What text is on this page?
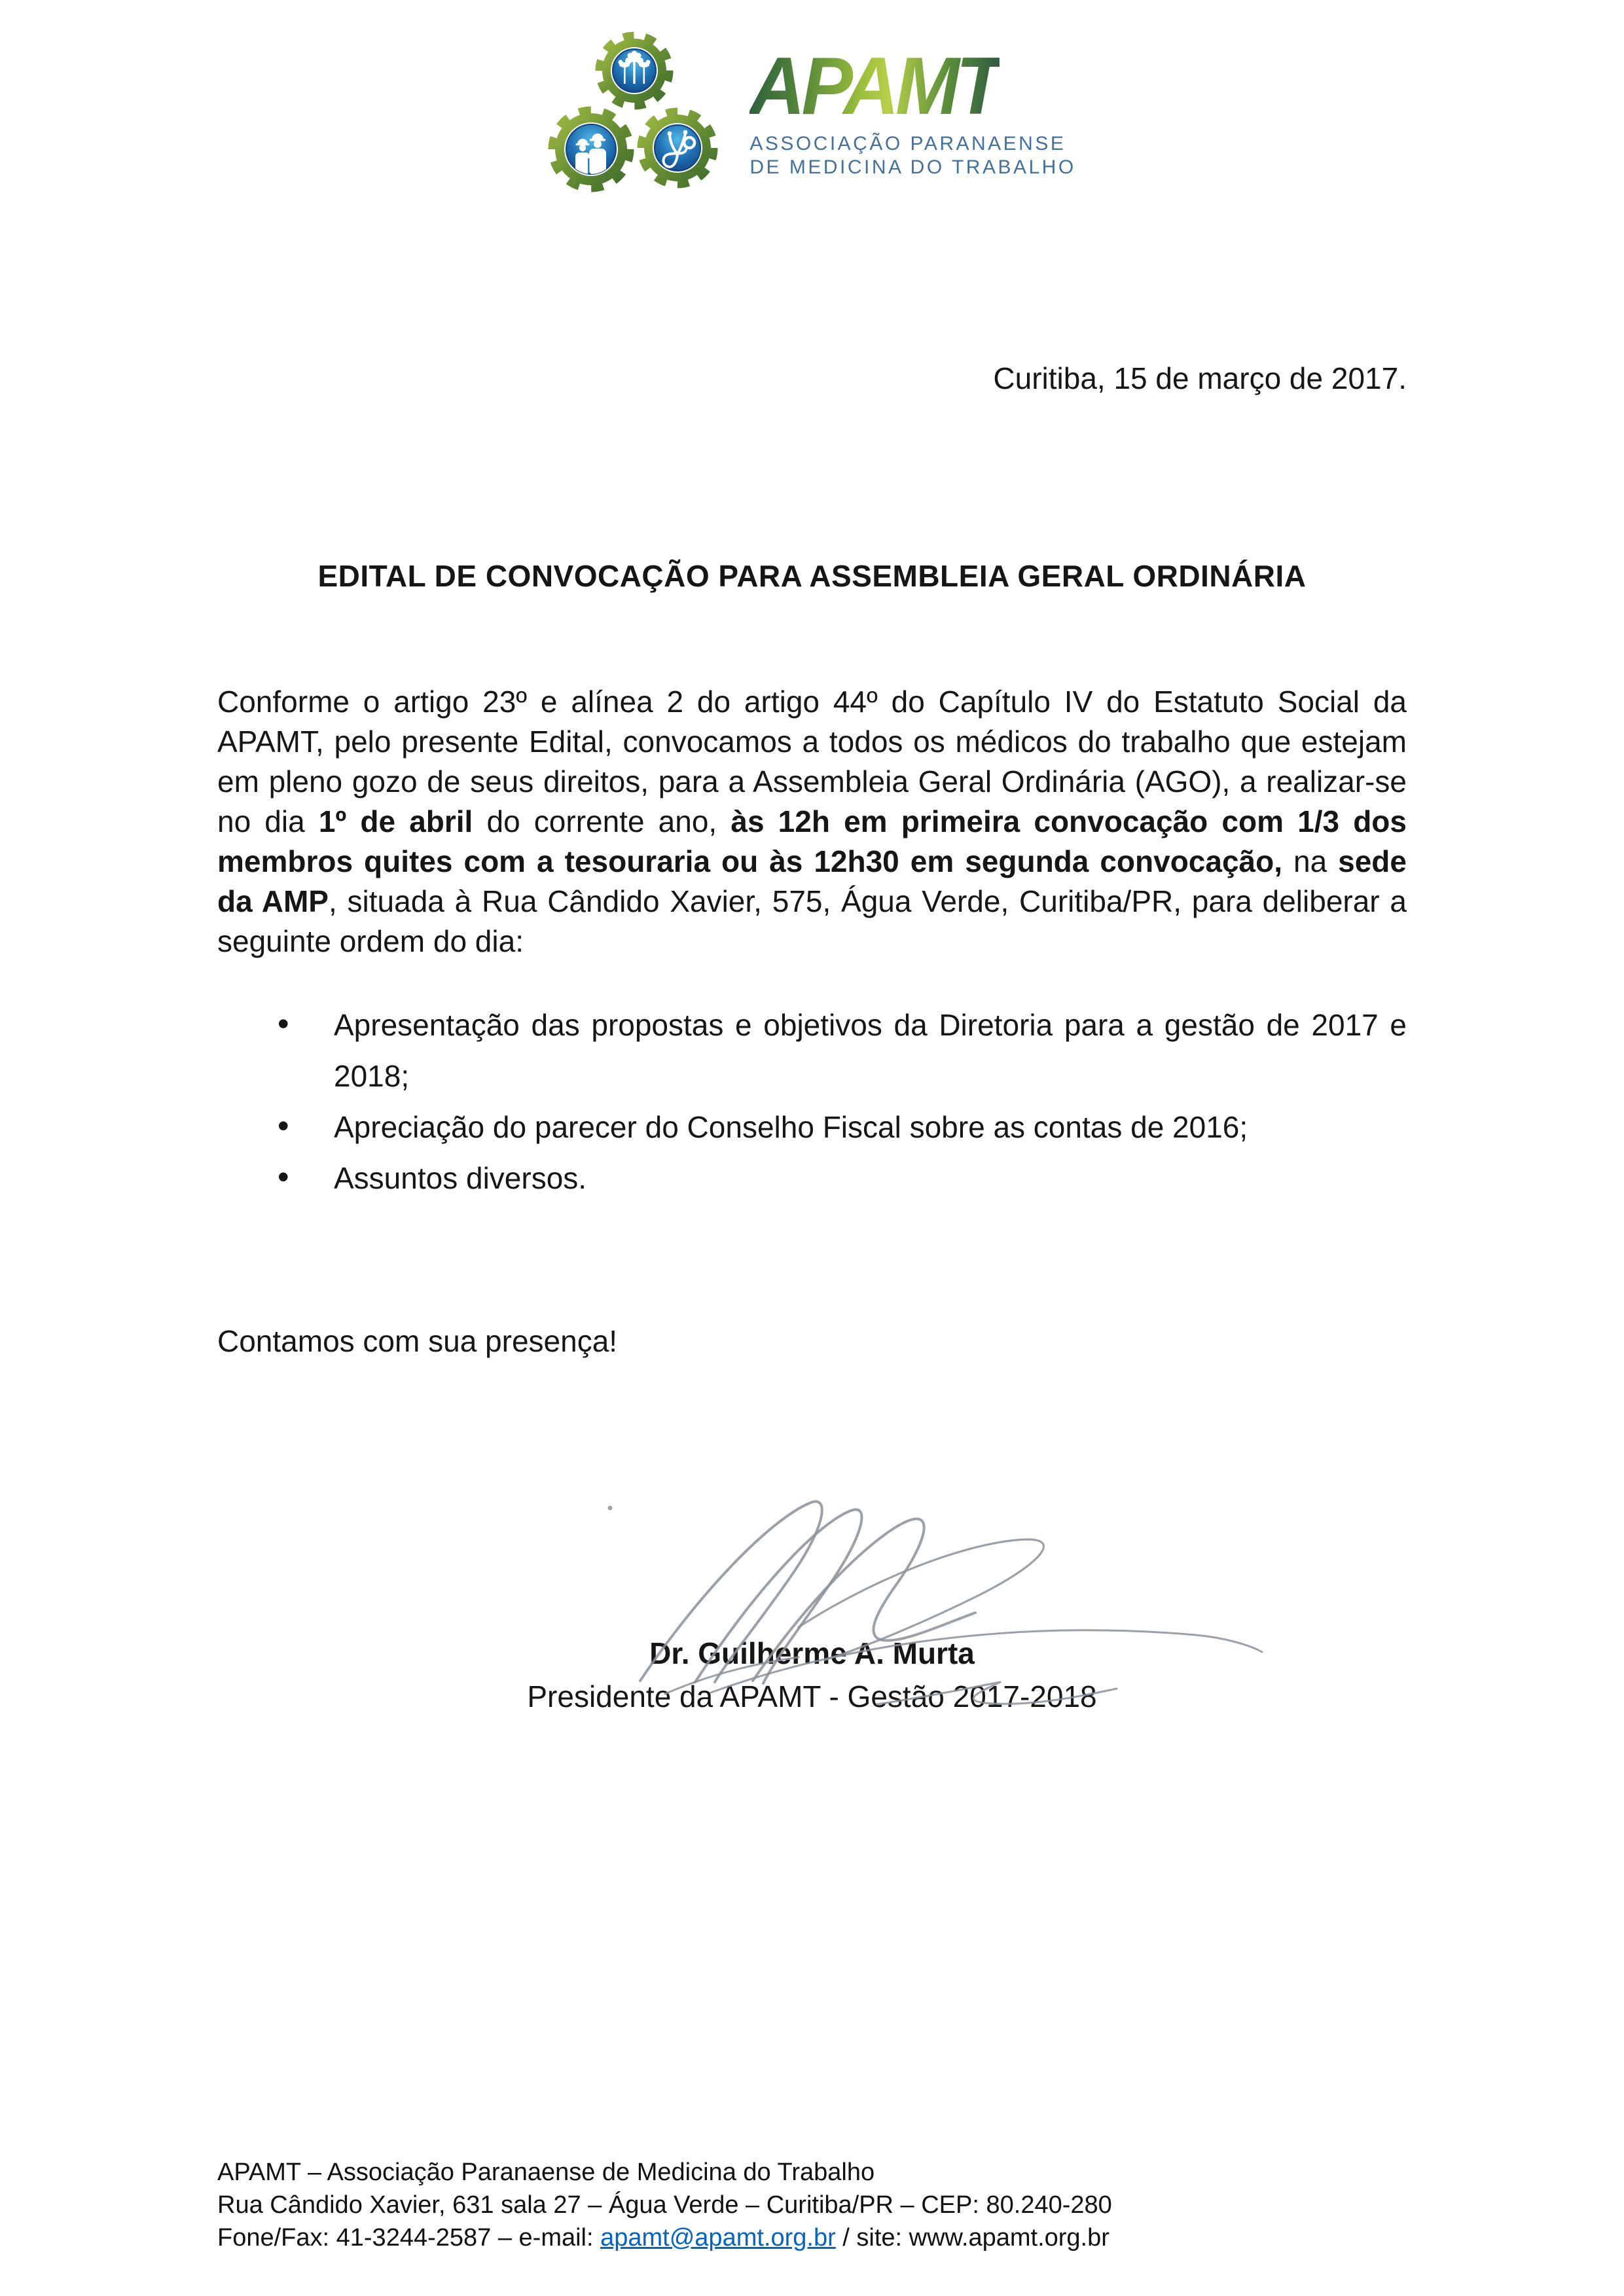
APAMT
ASSOCIAÇÃO PARANAENSE
DE MEDICINA DO TRABALHO
Curitiba, 15 de março de 2017.
EDITAL DE CONVOCAÇÃO PARA ASSEMBLEIA GERAL ORDINÁRIA

Conforme o artigo 23º e alínea 2 do artigo 44º do Capítulo IV do Estatuto Social da APAMT, pelo presente Edital, convocamos a todos os médicos do trabalho que estejam em pleno gozo de seus direitos, para a Assembleia Geral Ordinária (AGO), a realizar-se no dia 1º de abril do corrente ano, às 12h em primeira convocação com 1/3 dos membros quites com a tesouraria ou às 12h30 em segunda convocação, na sede da AMP, situada à Rua Cândido Xavier, 575, Água Verde, Curitiba/PR, para deliberar a seguinte ordem do dia:

• Apresentação das propostas e objetivos da Diretoria para a gestão de 2017 e 2018;
• Apreciação do parecer do Conselho Fiscal sobre as contas de 2016;
• Assuntos diversos.
Contamos com sua presença!
Dr. Guilherme A. Murta
Presidente da APAMT - Gestão 2017-2018
APAMT – Associação Paranaense de Medicina do Trabalho
Rua Cândido Xavier, 631 sala 27 – Água Verde – Curitiba/PR – CEP: 80.240-280
Fone/Fax: 41-3244-2587 – e-mail: apamt@apamt.org.br / site: www.apamt.org.br
